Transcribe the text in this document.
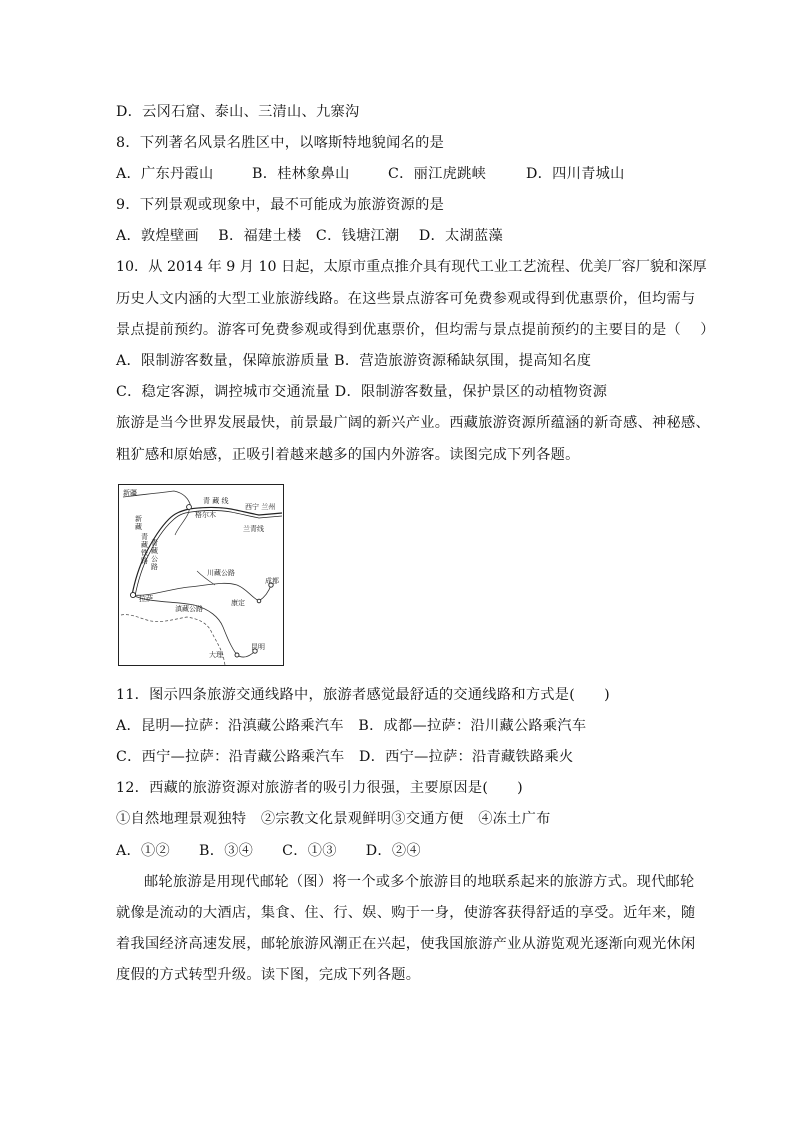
D．云冈石窟、泰山、三清山、九寨沟
8．下列著名风景名胜区中，以喀斯特地貌闻名的是
A．广东丹霞山	B．桂林象鼻山	C．丽江虎跳峡	D．四川青城山
9．下列景观或现象中，最不可能成为旅游资源的是
A．敦煌壁画　 B．福建土楼　C．钱塘江潮　 D．太湖蓝藻
10．从 2014 年 9 月 10 日起，太原市重点推介具有现代工业工艺流程、优美厂容厂貌和深厚
历史人文内涵的大型工业旅游线路。在这些景点游客可免费参观或得到优惠票价，但均需与
景点提前预约。游客可免费参观或得到优惠票价，但均需与景点提前预约的主要目的是（　 ）
A．限制游客数量，保障旅游质量 B．营造旅游资源稀缺氛围，提高知名度
C．稳定客源，调控城市交通流量 D．限制游客数量，保护景区的动植物资源
旅游是当今世界发展最快，前景最广阔的新兴产业。西藏旅游资源所蕴涵的新奇感、神秘感、
粗犷感和原始感，正吸引着越来越多的国内外游客。读图完成下列各题。
新疆
青 藏 线
西宁 兰州
格尔木
兰青线
新藏
青藏铁路
青藏公路
川藏公路
成都
康定
拉萨
滇藏公路
昆明
大理
11．图示四条旅游交通线路中，旅游者感觉最舒适的交通线路和方式是(　　)
A．昆明—拉萨：沿滇藏公路乘汽车　B．成都—拉萨：沿川藏公路乘汽车
C．西宁—拉萨：沿青藏公路乘汽车　D．西宁—拉萨：沿青藏铁路乘火
12．西藏的旅游资源对旅游者的吸引力很强，主要原因是(　　)
①自然地理景观独特　②宗教文化景观鲜明③交通方便　④冻土广布
A．①②　　B．③④　　C．①③　　D．②④
邮轮旅游是用现代邮轮（图）将一个或多个旅游目的地联系起来的旅游方式。现代邮轮
就像是流动的大酒店，集食、住、行、娱、购于一身，使游客获得舒适的享受。近年来，随
着我国经济高速发展，邮轮旅游风潮正在兴起，使我国旅游产业从游览观光逐渐向观光休闲
度假的方式转型升级。读下图，完成下列各题。
